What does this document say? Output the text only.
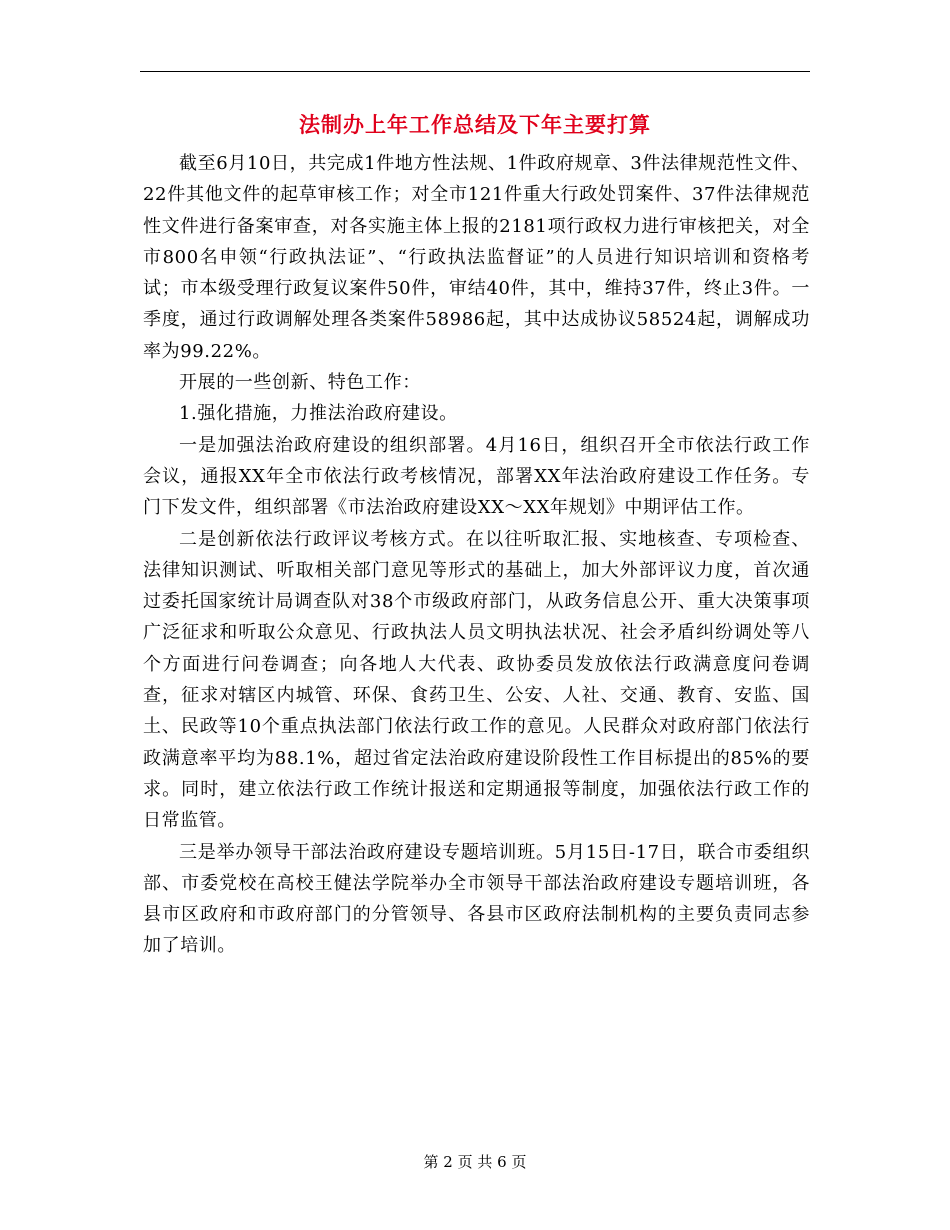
法制办上年工作总结及下年主要打算

截至6月10日，共完成1件地方性法规、1件政府规章、3件法律规范性文件、22件其他文件的起草审核工作；对全市121件重大行政处罚案件、37件法律规范性文件进行备案审查，对各实施主体上报的2181项行政权力进行审核把关，对全市800名申领“行政执法证”、“行政执法监督证”的人员进行知识培训和资格考试；市本级受理行政复议案件50件，审结40件，其中，维持37件，终止3件。一季度，通过行政调解处理各类案件58986起，其中达成协议58524起，调解成功率为99.22%。

开展的一些创新、特色工作：

1.强化措施，力推法治政府建设。

一是加强法治政府建设的组织部署。4月16日，组织召开全市依法行政工作会议，通报XX年全市依法行政考核情况，部署XX年法治政府建设工作任务。专门下发文件，组织部署《市法治政府建设XX～XX年规划》中期评估工作。

二是创新依法行政评议考核方式。在以往听取汇报、实地核查、专项检查、法律知识测试、听取相关部门意见等形式的基础上，加大外部评议力度，首次通过委托国家统计局调查队对38个市级政府部门，从政务信息公开、重大决策事项广泛征求和听取公众意见、行政执法人员文明执法状况、社会矛盾纠纷调处等八个方面进行问卷调查；向各地人大代表、政协委员发放依法行政满意度问卷调查，征求对辖区内城管、环保、食药卫生、公安、人社、交通、教育、安监、国土、民政等10个重点执法部门依法行政工作的意见。人民群众对政府部门依法行政满意率平均为88.1%，超过省定法治政府建设阶段性工作目标提出的85%的要求。同时，建立依法行政工作统计报送和定期通报等制度，加强依法行政工作的日常监管。

三是举办领导干部法治政府建设专题培训班。5月15日-17日，联合市委组织部、市委党校在高校王健法学院举办全市领导干部法治政府建设专题培训班，各县市区政府和市政府部门的分管领导、各县市区政府法制机构的主要负责同志参加了培训。

第 2 页 共 6 页
